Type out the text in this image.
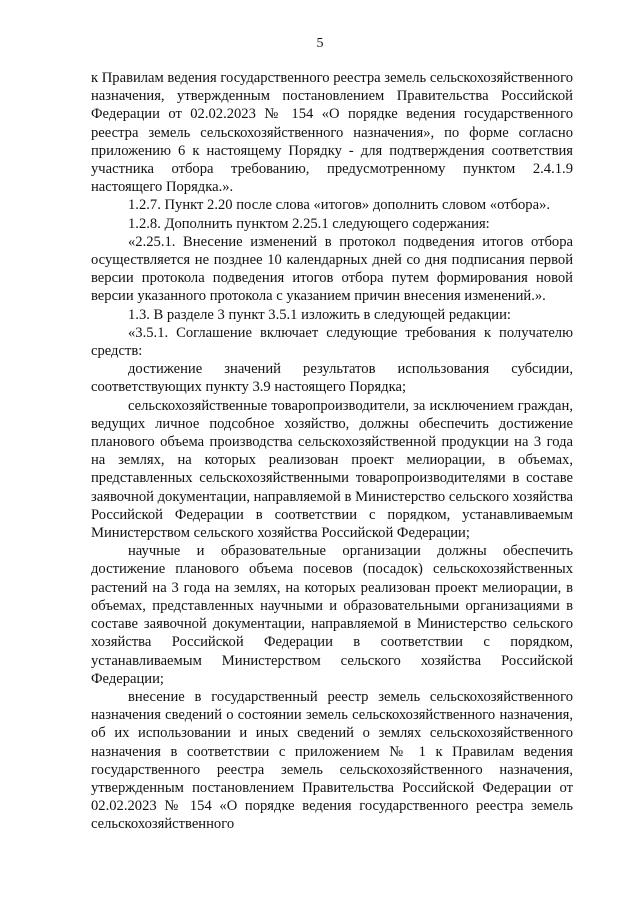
5

к Правилам ведения государственного реестра земель сельскохозяйственного назначения, утвержденным постановлением Правительства Российской Федерации от 02.02.2023 № 154 «О порядке ведения государственного реестра земель сельскохозяйственного назначения», по форме согласно приложению 6 к настоящему Порядку - для подтверждения соответствия участника отбора требованию, предусмотренному пунктом 2.4.1.9 настоящего Порядка.».

1.2.7. Пункт 2.20 после слова «итогов» дополнить словом «отбора».

1.2.8. Дополнить пунктом 2.25.1 следующего содержания:

«2.25.1. Внесение изменений в протокол подведения итогов отбора осуществляется не позднее 10 календарных дней со дня подписания первой версии протокола подведения итогов отбора путем формирования новой версии указанного протокола с указанием причин внесения изменений.».

1.3. В разделе 3 пункт 3.5.1 изложить в следующей редакции:

«3.5.1. Соглашение включает следующие требования к получателю средств:

достижение значений результатов использования субсидии, соответствующих пункту 3.9 настоящего Порядка;

сельскохозяйственные товаропроизводители, за исключением граждан, ведущих личное подсобное хозяйство, должны обеспечить достижение планового объема производства сельскохозяйственной продукции на 3 года на землях, на которых реализован проект мелиорации, в объемах, представленных сельскохозяйственными товаропроизводителями в составе заявочной документации, направляемой в Министерство сельского хозяйства Российской Федерации в соответствии с порядком, устанавливаемым Министерством сельского хозяйства Российской Федерации;

научные и образовательные организации должны обеспечить достижение планового объема посевов (посадок) сельскохозяйственных растений на 3 года на землях, на которых реализован проект мелиорации, в объемах, представленных научными и образовательными организациями в составе заявочной документации, направляемой в Министерство сельского хозяйства Российской Федерации в соответствии с порядком, устанавливаемым Министерством сельского хозяйства Российской Федерации;

внесение в государственный реестр земель сельскохозяйственного назначения сведений о состоянии земель сельскохозяйственного назначения, об их использовании и иных сведений о землях сельскохозяйственного назначения в соответствии с приложением № 1 к Правилам ведения государственного реестра земель сельскохозяйственного назначения, утвержденным постановлением Правительства Российской Федерации от 02.02.2023 № 154 «О порядке ведения государственного реестра земель сельскохозяйственного
